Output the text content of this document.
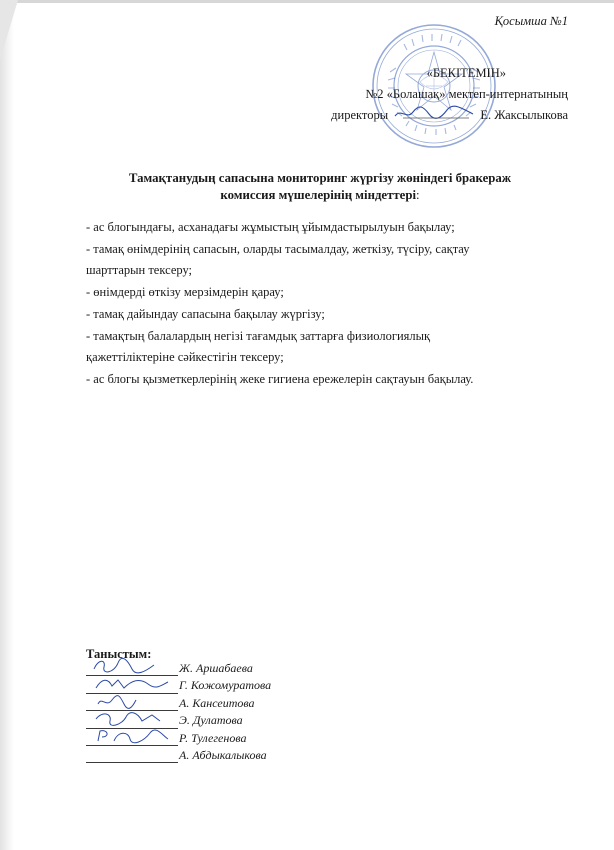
Қосымша №1
«БЕКІТЕМІН»
№2 «Болашақ» мектеп-интернатының
директоры	Е. Жаксылыкова
Тамақтанудың сапасына мониторинг жүргізу жөніндегі бракераж
комиссия мүшелерінің міндеттері:
- ас блогындағы, асханадағы жұмыстың ұйымдастырылуын бақылау;
- тамақ өнімдерінің сапасын, оларды тасымалдау, жеткізу, түсіру, сақтау
шарттарын тексеру;
- өнімдерді өткізу мерзімдерін қарау;
- тамақ дайындау сапасына бақылау жүргізу;
- тамақтың балалардың негізі тағамдық заттарға физиологиялық
қажеттіліктеріне сәйкестігін тексеру;
- ас блогы қызметкерлерінің жеке гигиена ережелерін сақтауын бақылау.
Таныстым:
Ж. Аршабаева
Г. Кожомуратова
А. Кансеитова
Э. Дулатова
Р. Тулегенова
А. Абдыкалыкова
